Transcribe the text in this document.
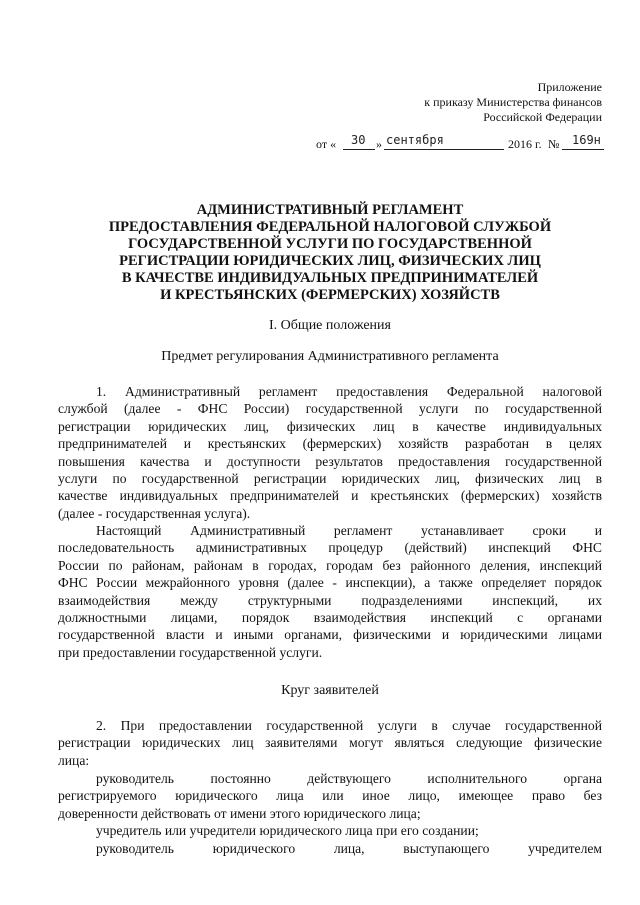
Приложение
к приказу Министерства финансов
Российской Федерации
от « 30 » сентября	2016 г. № 169н
АДМИНИСТРАТИВНЫЙ РЕГЛАМЕНТ
ПРЕДОСТАВЛЕНИЯ ФЕДЕРАЛЬНОЙ НАЛОГОВОЙ СЛУЖБОЙ
ГОСУДАРСТВЕННОЙ УСЛУГИ ПО ГОСУДАРСТВЕННОЙ
РЕГИСТРАЦИИ ЮРИДИЧЕСКИХ ЛИЦ, ФИЗИЧЕСКИХ ЛИЦ
В КАЧЕСТВЕ ИНДИВИДУАЛЬНЫХ ПРЕДПРИНИМАТЕЛЕЙ
И КРЕСТЬЯНСКИХ (ФЕРМЕРСКИХ) ХОЗЯЙСТВ
I. Общие положения
Предмет регулирования Административного регламента
1. Административный регламент предоставления Федеральной налоговой
службой (далее - ФНС России) государственной услуги по государственной
регистрации юридических лиц, физических лиц в качестве индивидуальных
предпринимателей и крестьянских (фермерских) хозяйств разработан в целях
повышения качества и доступности результатов предоставления государственной
услуги по государственной регистрации юридических лиц, физических лиц в
качестве индивидуальных предпринимателей и крестьянских (фермерских) хозяйств
(далее - государственная услуга).
Настоящий Административный регламент устанавливает сроки и
последовательность административных процедур (действий) инспекций ФНС
России по районам, районам в городах, городам без районного деления, инспекций
ФНС России межрайонного уровня (далее - инспекции), а также определяет порядок
взаимодействия между структурными подразделениями инспекций, их
должностными лицами, порядок взаимодействия инспекций с органами
государственной власти и иными органами, физическими и юридическими лицами
при предоставлении государственной услуги.
Круг заявителей
2. При предоставлении государственной услуги в случае государственной
регистрации юридических лиц заявителями могут являться следующие физические
лица:
руководитель постоянно действующего исполнительного органа
регистрируемого юридического лица или иное лицо, имеющее право без
доверенности действовать от имени этого юридического лица;
учредитель или учредители юридического лица при его создании;
руководитель юридического лица, выступающего учредителем
